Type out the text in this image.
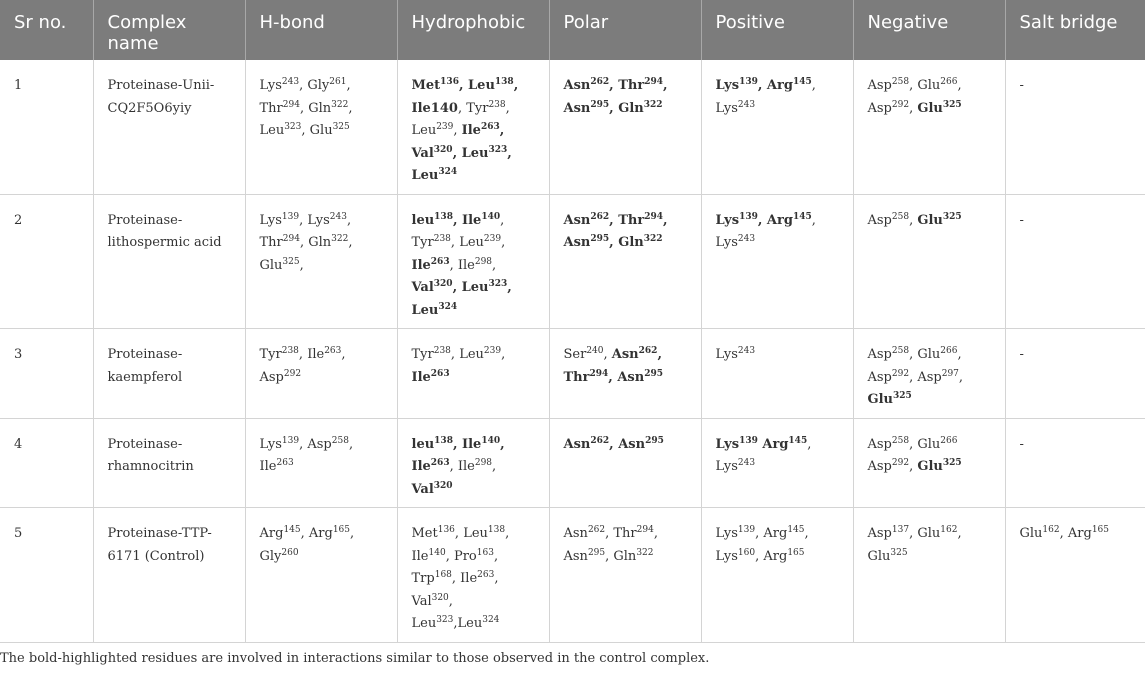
Sr no.	Complex name	H-bond	Hydrophobic	Polar	Positive	Negative	Salt bridge
1	Proteinase-Unii-CQ2F5O6yiy	Lys$^{243}$, Gly$^{261}$, Thr$^{294}$, Gln$^{322}$, Leu$^{323}$, Glu$^{325}$	Met$^{136}$, Leu$^{138}$, Ile140, Tyr$^{238}$, Leu$^{239}$, Ile$^{263}$, Val$^{320}$, Leu$^{323}$, Leu$^{324}$	Asn$^{262}$, Thr$^{294}$, Asn$^{295}$, Gln$^{322}$	Lys$^{139}$, Arg$^{145}$, Lys$^{243}$	Asp$^{258}$, Glu$^{266}$, Asp$^{292}$, Glu$^{325}$	-
2	Proteinase-lithospermic acid	Lys$^{139}$, Lys$^{243}$, Thr$^{294}$, Gln$^{322}$, Glu$^{325}$,	leu$^{138}$, Ile$^{140}$, Tyr$^{238}$, Leu$^{239}$, Ile$^{263}$, Ile$^{298}$, Val$^{320}$, Leu$^{323}$, Leu$^{324}$	Asn$^{262}$, Thr$^{294}$, Asn$^{295}$, Gln$^{322}$	Lys$^{139}$, Arg$^{145}$, Lys$^{243}$	Asp$^{258}$, Glu$^{325}$	-
3	Proteinase-kaempferol	Tyr$^{238}$, Ile$^{263}$, Asp$^{292}$	Tyr$^{238}$, Leu$^{239}$, Ile$^{263}$	Ser$^{240}$, Asn$^{262}$, Thr$^{294}$, Asn$^{295}$	Lys$^{243}$	Asp$^{258}$, Glu$^{266}$, Asp$^{292}$, Asp$^{297}$, Glu$^{325}$	-
4	Proteinase-rhamnocitrin	Lys$^{139}$, Asp$^{258}$, Ile$^{263}$	leu$^{138}$, Ile$^{140}$, Ile$^{263}$, Ile$^{298}$, Val$^{320}$	Asn$^{262}$, Asn$^{295}$	Lys$^{139}$ Arg$^{145}$, Lys$^{243}$	Asp$^{258}$, Glu$^{266}$ Asp$^{292}$, Glu$^{325}$	-
5	Proteinase-TTP-6171 (Control)	Arg$^{145}$, Arg$^{165}$, Gly$^{260}$	Met$^{136}$, Leu$^{138}$, Ile$^{140}$, Pro$^{163}$, Trp$^{168}$, Ile$^{263}$, Val$^{320}$, Leu$^{323}$,Leu$^{324}$	Asn$^{262}$, Thr$^{294}$, Asn$^{295}$, Gln$^{322}$	Lys$^{139}$, Arg$^{145}$, Lys$^{160}$, Arg$^{165}$	Asp$^{137}$, Glu$^{162}$, Glu$^{325}$	Glu$^{162}$, Arg$^{165}$
The bold-highlighted residues are involved in interactions similar to those observed in the control complex.
